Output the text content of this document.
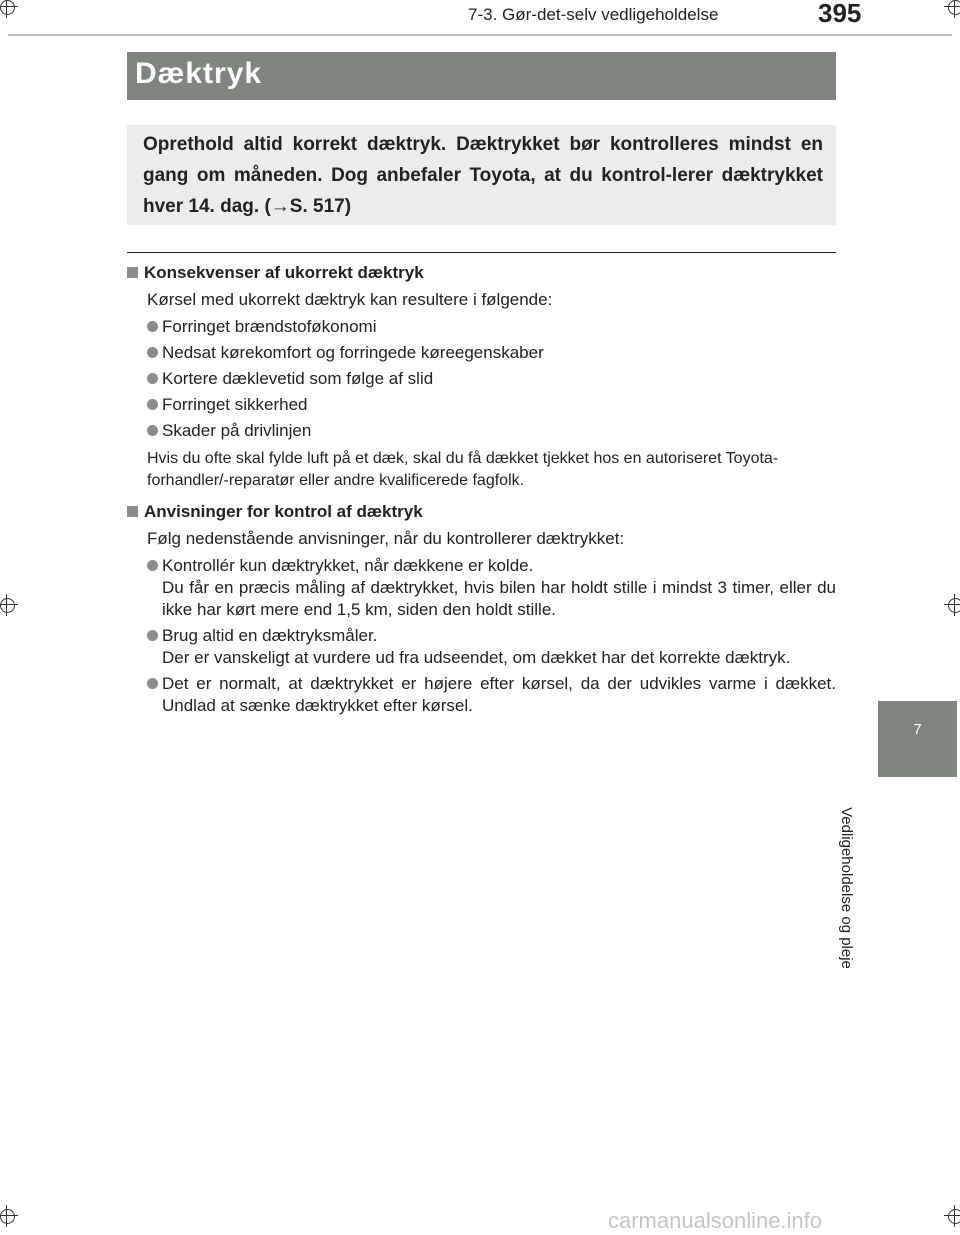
7-3. Gør-det-selv vedligeholdelse	395
Dæktryk
Oprethold altid korrekt dæktryk. Dæktrykket bør kontrolleres mindst en gang om måneden. Dog anbefaler Toyota, at du kontrol-lerer dæktrykket hver 14. dag. (→S. 517)
Konsekvenser af ukorrekt dæktryk
Kørsel med ukorrekt dæktryk kan resultere i følgende:
Forringet brændstoføkonomi
Nedsat kørekomfort og forringede køreegenskaber
Kortere dæklevetid som følge af slid
Forringet sikkerhed
Skader på drivlinjen
Hvis du ofte skal fylde luft på et dæk, skal du få dækket tjekket hos en autoriseret Toyota-forhandler/-reparatør eller andre kvalificerede fagfolk.
Anvisninger for kontrol af dæktryk
Følg nedenstående anvisninger, når du kontrollerer dæktrykket:
Kontrollér kun dæktrykket, når dækkene er kolde.
Du får en præcis måling af dæktrykket, hvis bilen har holdt stille i mindst 3 timer, eller du ikke har kørt mere end 1,5 km, siden den holdt stille.
Brug altid en dæktryksmåler.
Der er vanskeligt at vurdere ud fra udseendet, om dækket har det korrekte dæktryk.
Det er normalt, at dæktrykket er højere efter kørsel, da der udvikles varme i dækket. Undlad at sænke dæktrykket efter kørsel.
7
Vedligeholdelse og pleje
carmanualsonline.info
